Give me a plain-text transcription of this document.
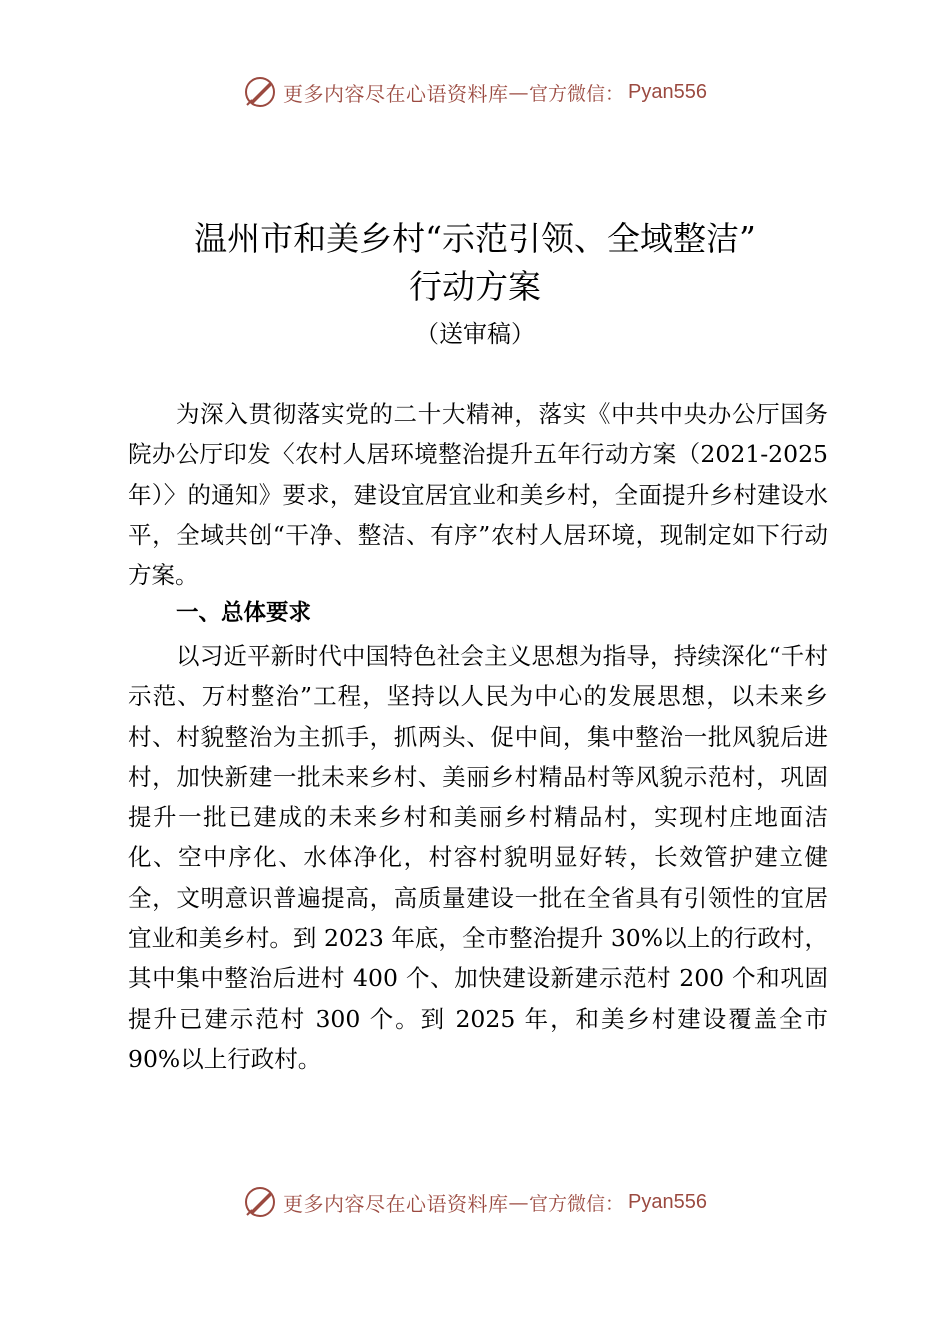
更多内容尽在心语资料库 — 官方微信： Pyan556
温州市和美乡村“示范引领、全域整洁”
行动方案
（送审稿）

为深入贯彻落实党的二十大精神，落实《中共中央办公厅国务院办公厅印发〈农村人居环境整治提升五年行动方案（2021-2025 年）〉的通知》要求，建设宜居宜业和美乡村，全面提升乡村建设水平，全域共创“干净、整洁、有序”农村人居环境，现制定如下行动方案。

一、总体要求

以习近平新时代中国特色社会主义思想为指导，持续深化“千村示范、万村整治”工程，坚持以人民为中心的发展思想，以未来乡村、村貌整治为主抓手，抓两头、促中间，集中整治一批风貌后进村，加快新建一批未来乡村、美丽乡村精品村等风貌示范村，巩固提升一批已建成的未来乡村和美丽乡村精品村，实现村庄地面洁化、空中序化、水体净化，村容村貌明显好转，长效管护建立健全，文明意识普遍提高，高质量建设一批在全省具有引领性的宜居宜业和美乡村。到 2023 年底，全市整治提升 30%以上的行政村，其中集中整治后进村 400 个、加快建设新建示范村 200 个和巩固提升已建示范村 300 个。到 2025 年，和美乡村建设覆盖全市 90%以上行政村。

更多内容尽在心语资料库 — 官方微信： Pyan556
